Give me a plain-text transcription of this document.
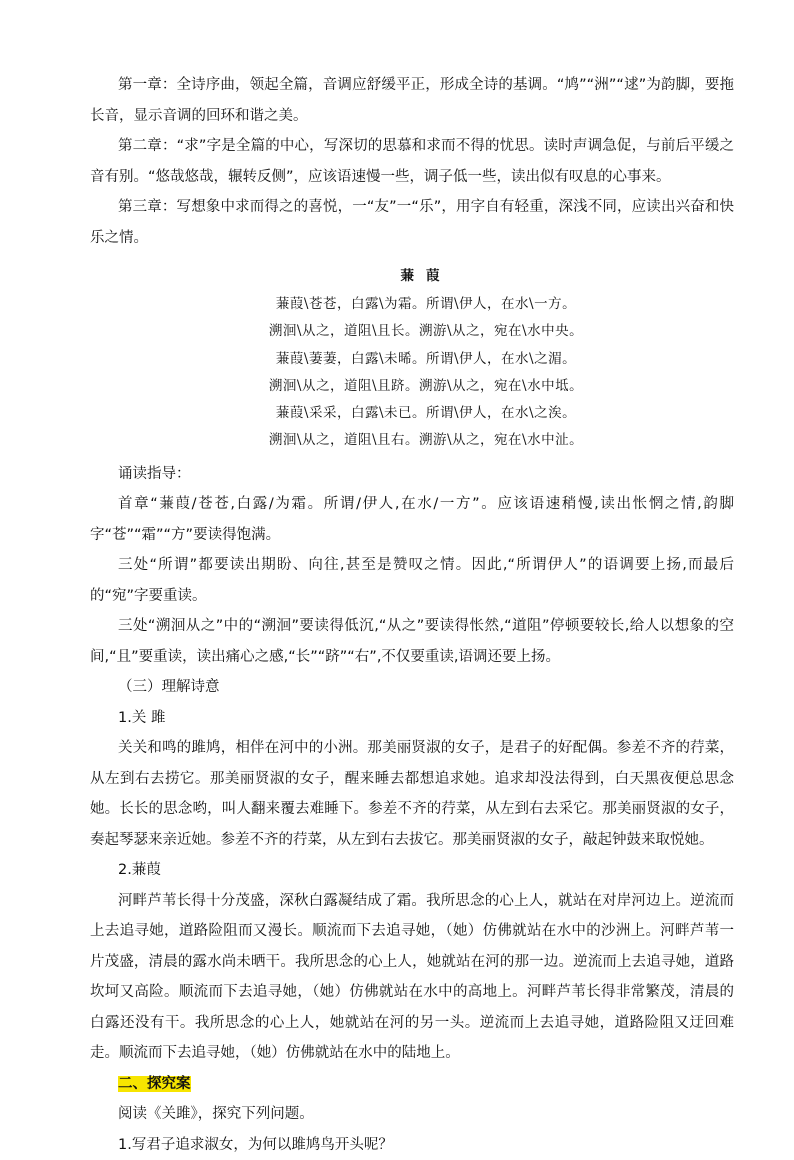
第一章：全诗序曲，领起全篇，音调应舒缓平正，形成全诗的基调。“鸠”“洲”“逑”为韵脚，要拖长音，显示音调的回环和谐之美。

第二章：“求”字是全篇的中心，写深切的思慕和求而不得的忧思。读时声调急促，与前后平缓之音有别。“悠哉悠哉，辗转反侧”，应该语速慢一些，调子低一些，读出似有叹息的心事来。

第三章：写想象中求而得之的喜悦，一“友”一“乐”，用字自有轻重，深浅不同，应读出兴奋和快乐之情。

蒹葭
蒹葭\苍苍，白露\为霜。所谓\伊人，在水\一方。
溯洄\从之，道阻\且长。溯游\从之，宛在\水中央。
蒹葭\萋萋，白露\未晞。所谓\伊人，在水\之湄。
溯洄\从之，道阻\且跻。溯游\从之，宛在\水中坻。
蒹葭\采采，白露\未已。所谓\伊人，在水\之涘。
溯洄\从之，道阻\且右。溯游\从之，宛在\水中沚。

诵读指导：

首章“蒹葭/苍苍,白露/为霜。所谓/伊人,在水/一方”。应该语速稍慢,读出怅惘之情,韵脚字“苍”“霜”“方”要读得饱满。

三处“所谓”都要读出期盼、向往,甚至是赞叹之情。因此,“所谓伊人”的语调要上扬,而最后的“宛”字要重读。

三处“溯洄从之”中的“溯洄”要读得低沉,“从之”要读得怅然,“道阻”停顿要较长,给人以想象的空间,“且”要重读，读出痛心之感,“长”“跻”“右”,不仅要重读,语调还要上扬。

（三）理解诗意

1.关 雎

关关和鸣的雎鸠，相伴在河中的小洲。那美丽贤淑的女子，是君子的好配偶。参差不齐的荇菜，从左到右去捞它。那美丽贤淑的女子，醒来睡去都想追求她。追求却没法得到，白天黑夜便总思念她。长长的思念哟，叫人翻来覆去难睡下。参差不齐的荇菜，从左到右去采它。那美丽贤淑的女子，奏起琴瑟来亲近她。参差不齐的荇菜，从左到右去拔它。那美丽贤淑的女子，敲起钟鼓来取悦她。

2.蒹葭

河畔芦苇长得十分茂盛，深秋白露凝结成了霜。我所思念的心上人，就站在对岸河边上。逆流而上去追寻她，道路险阻而又漫长。顺流而下去追寻她，（她）仿佛就站在水中的沙洲上。河畔芦苇一片茂盛，清晨的露水尚未晒干。我所思念的心上人，她就站在河的那一边。逆流而上去追寻她，道路坎坷又高险。顺流而下去追寻她，（她）仿佛就站在水中的高地上。河畔芦苇长得非常繁茂，清晨的白露还没有干。我所思念的心上人，她就站在河的另一头。逆流而上去追寻她，道路险阻又迂回难走。顺流而下去追寻她，（她）仿佛就站在水中的陆地上。

二、探究案

阅读《关雎》，探究下列问题。

1.写君子追求淑女，为何以雎鸠鸟开头呢？
